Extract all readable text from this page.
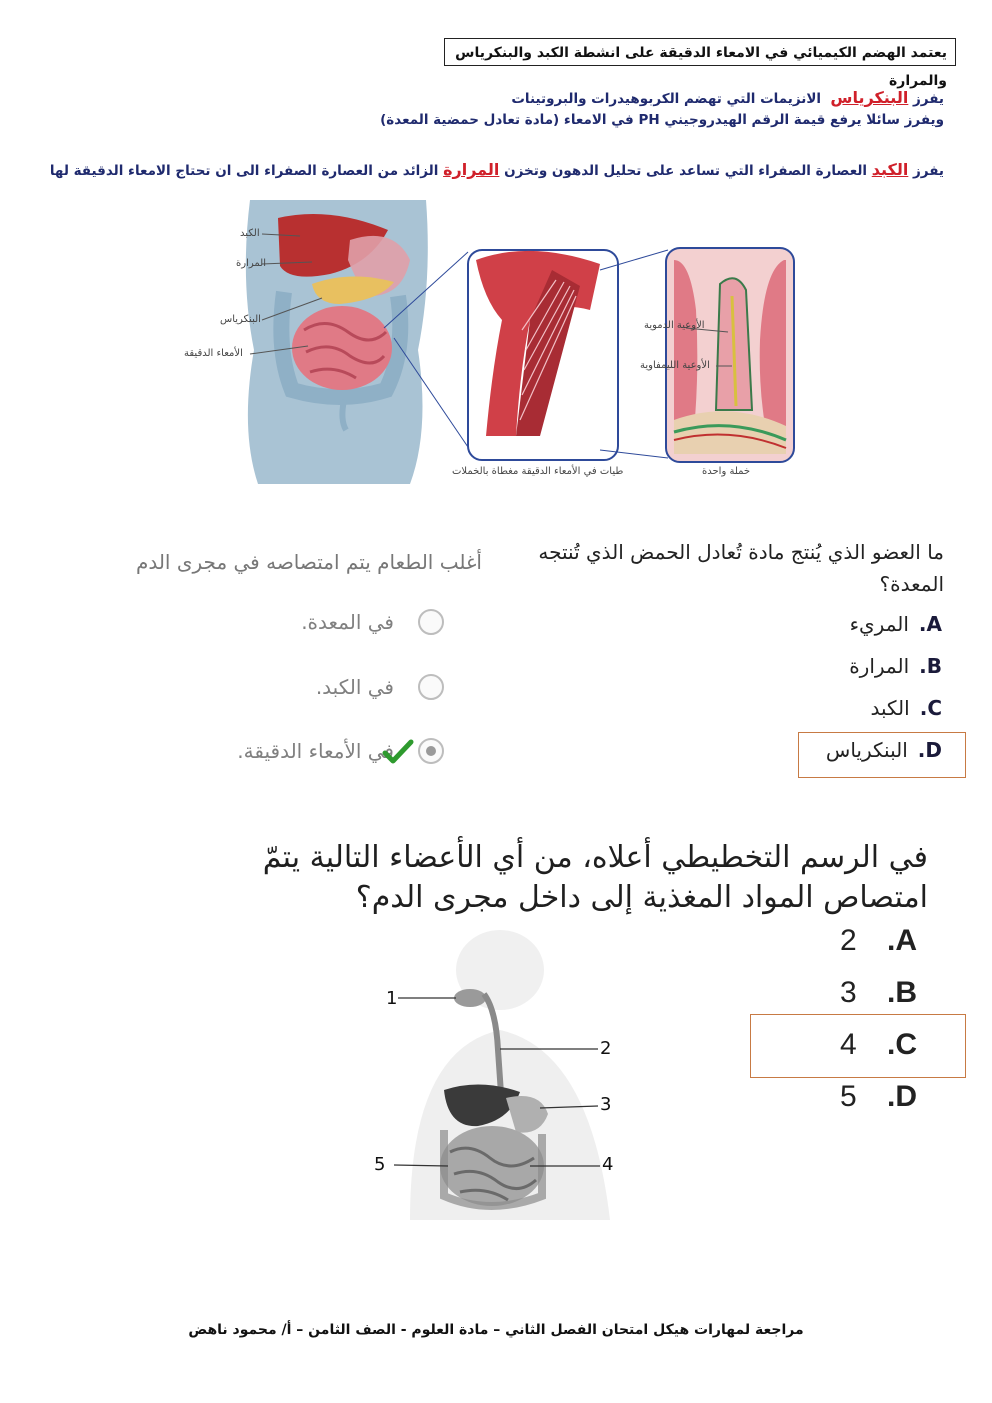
يعتمد الهضم الكيميائي في الامعاء الدقيقة على انشطة الكبد والبنكرياس والمرارة
يفرز البنكرياس  الانزيمات التي تهضم الكربوهيدرات والبروتينات
ويفرز سائلا يرفع قيمة الرقم الهيدروجيني PH في الامعاء (مادة تعادل حمضية المعدة)
يفرز الكبد العصارة الصفراء التي تساعد على تحليل الدهون وتخزن المرارة الزائد من العصارة الصفراء الى ان تحتاج الامعاء الدقيقة لها
الكبد
المرارة
البنكرياس
الأمعاء الدقيقة
الأوعية الدموية
الأوعية الليمفاوية
طيات في الأمعاء الدقيقة مغطاة بالخملات	خملة واحدة
ما العضو الذي يُنتج مادة تُعادل الحمض الذي تُنتجه المعدة؟
A.المريء
B.المرارة
C.الكبد
D.البنكرياس
أغلب الطعام يتم امتصاصه في مجرى الدم
في المعدة.
في الكبد.
في الأمعاء الدقيقة.
في الرسم التخطيطي أعلاه، من أي الأعضاء التالية يتمّ امتصاص المواد المغذية إلى داخل مجرى الدم؟
2 .A
3 .B
4 .C
5 .D
1
2
3
4
5
مراجعة لمهارات هيكل امتحان الفصل الثاني – مادة العلوم - الصف الثامن – أ/ محمود ناهض
